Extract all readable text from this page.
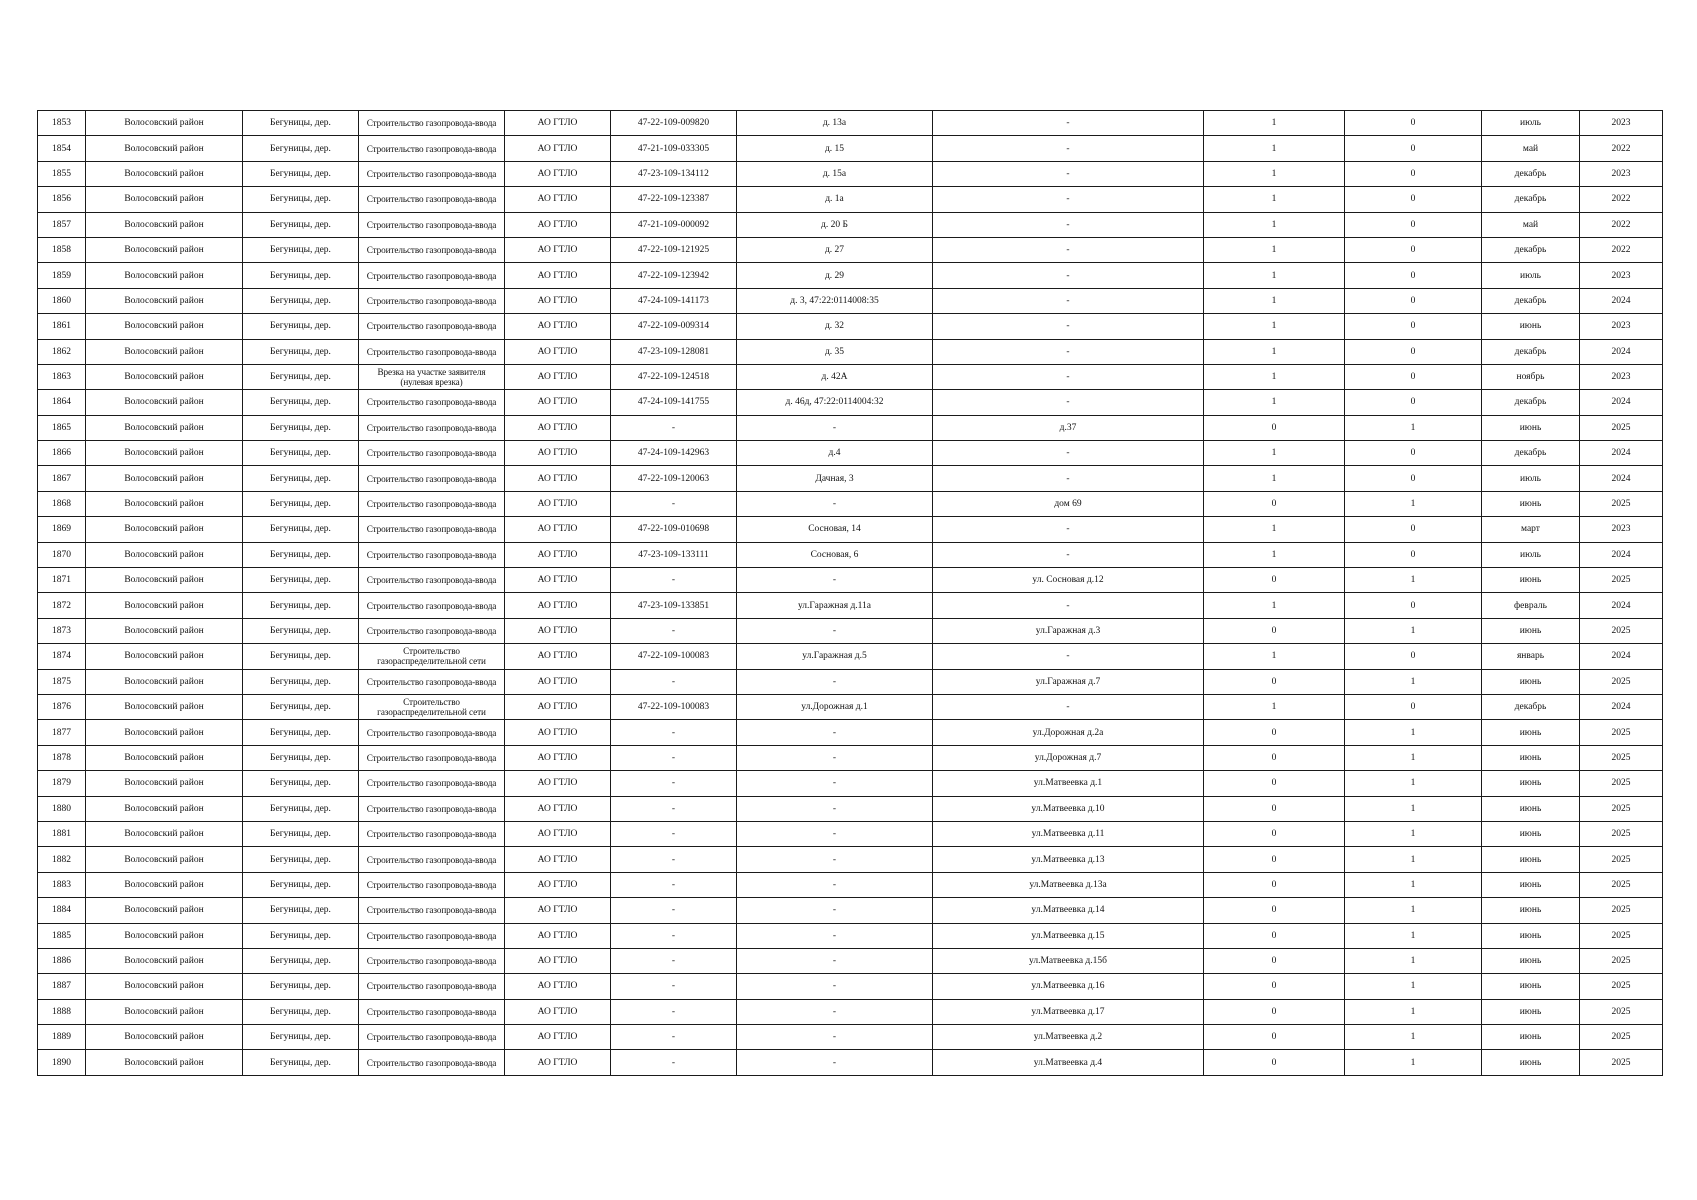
1853	Волосовский район	Бегуницы, дер.	Строительство газопровода-ввода	АО ГТЛО	47-22-109-009820	д. 13а	-	1	0	июль	2023
1854	Волосовский район	Бегуницы, дер.	Строительство газопровода-ввода	АО ГТЛО	47-21-109-033305	д. 15	-	1	0	май	2022
1855	Волосовский район	Бегуницы, дер.	Строительство газопровода-ввода	АО ГТЛО	47-23-109-134112	д. 15а	-	1	0	декабрь	2023
1856	Волосовский район	Бегуницы, дер.	Строительство газопровода-ввода	АО ГТЛО	47-22-109-123387	д. 1а	-	1	0	декабрь	2022
1857	Волосовский район	Бегуницы, дер.	Строительство газопровода-ввода	АО ГТЛО	47-21-109-000092	д. 20 Б	-	1	0	май	2022
1858	Волосовский район	Бегуницы, дер.	Строительство газопровода-ввода	АО ГТЛО	47-22-109-121925	д. 27	-	1	0	декабрь	2022
1859	Волосовский район	Бегуницы, дер.	Строительство газопровода-ввода	АО ГТЛО	47-22-109-123942	д. 29	-	1	0	июль	2023
1860	Волосовский район	Бегуницы, дер.	Строительство газопровода-ввода	АО ГТЛО	47-24-109-141173	д. 3, 47:22:0114008:35	-	1	0	декабрь	2024
1861	Волосовский район	Бегуницы, дер.	Строительство газопровода-ввода	АО ГТЛО	47-22-109-009314	д. 32	-	1	0	июнь	2023
1862	Волосовский район	Бегуницы, дер.	Строительство газопровода-ввода	АО ГТЛО	47-23-109-128081	д. 35	-	1	0	декабрь	2024
1863	Волосовский район	Бегуницы, дер.	Врезка на участке заявителя (нулевая врезка)	АО ГТЛО	47-22-109-124518	д. 42А	-	1	0	ноябрь	2023
1864	Волосовский район	Бегуницы, дер.	Строительство газопровода-ввода	АО ГТЛО	47-24-109-141755	д. 46д, 47:22:0114004:32	-	1	0	декабрь	2024
1865	Волосовский район	Бегуницы, дер.	Строительство газопровода-ввода	АО ГТЛО	-	-	д.37	0	1	июнь	2025
1866	Волосовский район	Бегуницы, дер.	Строительство газопровода-ввода	АО ГТЛО	47-24-109-142963	д.4	-	1	0	декабрь	2024
1867	Волосовский район	Бегуницы, дер.	Строительство газопровода-ввода	АО ГТЛО	47-22-109-120063	Дачная, 3	-	1	0	июль	2024
1868	Волосовский район	Бегуницы, дер.	Строительство газопровода-ввода	АО ГТЛО	-	-	дом 69	0	1	июнь	2025
1869	Волосовский район	Бегуницы, дер.	Строительство газопровода-ввода	АО ГТЛО	47-22-109-010698	Сосновая, 14	-	1	0	март	2023
1870	Волосовский район	Бегуницы, дер.	Строительство газопровода-ввода	АО ГТЛО	47-23-109-133111	Сосновая, 6	-	1	0	июль	2024
1871	Волосовский район	Бегуницы, дер.	Строительство газопровода-ввода	АО ГТЛО	-	-	ул. Сосновая д.12	0	1	июнь	2025
1872	Волосовский район	Бегуницы, дер.	Строительство газопровода-ввода	АО ГТЛО	47-23-109-133851	ул.Гаражная д.11а	-	1	0	февраль	2024
1873	Волосовский район	Бегуницы, дер.	Строительство газопровода-ввода	АО ГТЛО	-	-	ул.Гаражная д.3	0	1	июнь	2025
1874	Волосовский район	Бегуницы, дер.	Строительство газораспределительной сети	АО ГТЛО	47-22-109-100083	ул.Гаражная д.5	-	1	0	январь	2024
1875	Волосовский район	Бегуницы, дер.	Строительство газопровода-ввода	АО ГТЛО	-	-	ул.Гаражная д.7	0	1	июнь	2025
1876	Волосовский район	Бегуницы, дер.	Строительство газораспределительной сети	АО ГТЛО	47-22-109-100083	ул.Дорожная д.1	-	1	0	декабрь	2024
1877	Волосовский район	Бегуницы, дер.	Строительство газопровода-ввода	АО ГТЛО	-	-	ул.Дорожная д.2а	0	1	июнь	2025
1878	Волосовский район	Бегуницы, дер.	Строительство газопровода-ввода	АО ГТЛО	-	-	ул.Дорожная д.7	0	1	июнь	2025
1879	Волосовский район	Бегуницы, дер.	Строительство газопровода-ввода	АО ГТЛО	-	-	ул.Матвеевка д.1	0	1	июнь	2025
1880	Волосовский район	Бегуницы, дер.	Строительство газопровода-ввода	АО ГТЛО	-	-	ул.Матвеевка д.10	0	1	июнь	2025
1881	Волосовский район	Бегуницы, дер.	Строительство газопровода-ввода	АО ГТЛО	-	-	ул.Матвеевка д.11	0	1	июнь	2025
1882	Волосовский район	Бегуницы, дер.	Строительство газопровода-ввода	АО ГТЛО	-	-	ул.Матвеевка д.13	0	1	июнь	2025
1883	Волосовский район	Бегуницы, дер.	Строительство газопровода-ввода	АО ГТЛО	-	-	ул.Матвеевка д.13а	0	1	июнь	2025
1884	Волосовский район	Бегуницы, дер.	Строительство газопровода-ввода	АО ГТЛО	-	-	ул.Матвеевка д.14	0	1	июнь	2025
1885	Волосовский район	Бегуницы, дер.	Строительство газопровода-ввода	АО ГТЛО	-	-	ул.Матвеевка д.15	0	1	июнь	2025
1886	Волосовский район	Бегуницы, дер.	Строительство газопровода-ввода	АО ГТЛО	-	-	ул.Матвеевка д.15б	0	1	июнь	2025
1887	Волосовский район	Бегуницы, дер.	Строительство газопровода-ввода	АО ГТЛО	-	-	ул.Матвеевка д.16	0	1	июнь	2025
1888	Волосовский район	Бегуницы, дер.	Строительство газопровода-ввода	АО ГТЛО	-	-	ул.Матвеевка д.17	0	1	июнь	2025
1889	Волосовский район	Бегуницы, дер.	Строительство газопровода-ввода	АО ГТЛО	-	-	ул.Матвеевка д.2	0	1	июнь	2025
1890	Волосовский район	Бегуницы, дер.	Строительство газопровода-ввода	АО ГТЛО	-	-	ул.Матвеевка д.4	0	1	июнь	2025
